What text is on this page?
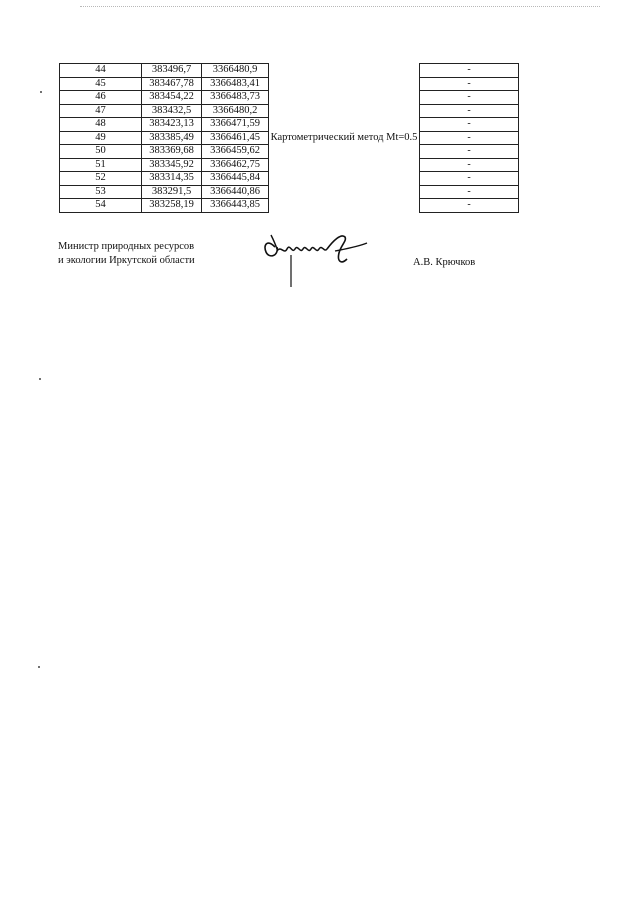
44	383496,7	3366480,9	Картометрический метод Mt=0.5	-
45	383467,78	3366483,41		-
46	383454,22	3366483,73		-
47	383432,5	3366480,2		-
48	383423,13	3366471,59		-
49	383385,49	3366461,45		-
50	383369,68	3366459,62		-
51	383345,92	3366462,75		-
52	383314,35	3366445,84		-
53	383291,5	3366440,86		-
54	383258,19	3366443,85		-
Министр природных ресурсов
и экологии Иркутской области	А.В. Крючков
